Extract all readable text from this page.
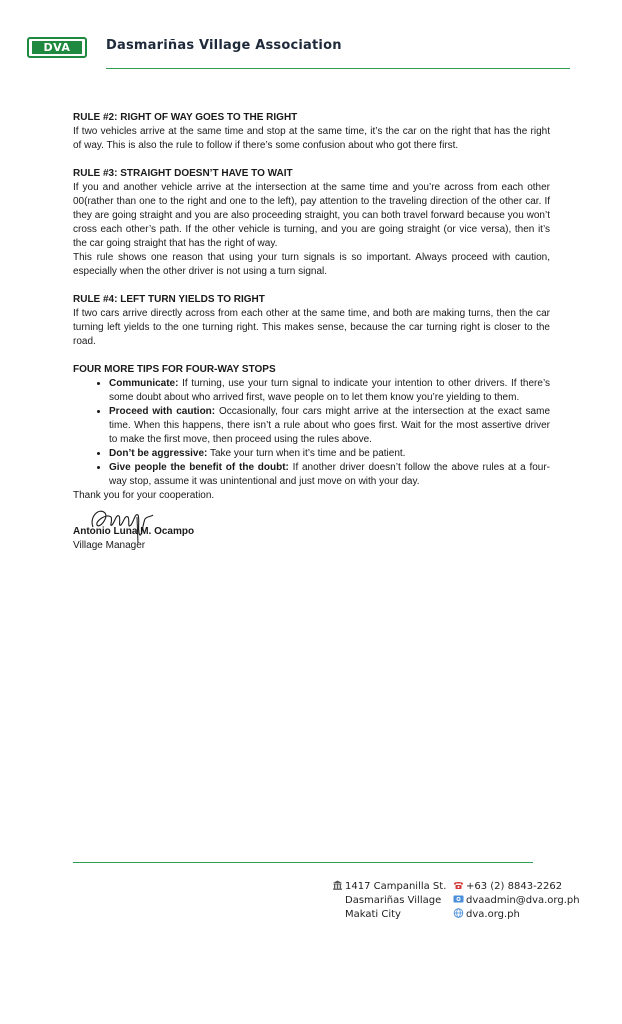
DVA	Dasmariñas Village Association

RULE #2: RIGHT OF WAY GOES TO THE RIGHT

If two vehicles arrive at the same time and stop at the same time, it’s the car on the right that has the right of way. This is also the rule to follow if there’s some confusion about who got there first.

RULE #3: STRAIGHT DOESN’T HAVE TO WAIT

If you and another vehicle arrive at the intersection at the same time and you’re across from each other 00(rather than one to the right and one to the left), pay attention to the traveling direction of the other car. If they are going straight and you are also proceeding straight, you can both travel forward because you won’t cross each other’s path. If the other vehicle is turning, and you are going straight (or vice versa), then it’s the car going straight that has the right of way.

This rule shows one reason that using your turn signals is so important. Always proceed with caution, especially when the other driver is not using a turn signal.

RULE #4: LEFT TURN YIELDS TO RIGHT

If two cars arrive directly across from each other at the same time, and both are making turns, then the car turning left yields to the one turning right. This makes sense, because the car turning right is closer to the road.

FOUR MORE TIPS FOR FOUR-WAY STOPS

• Communicate: If turning, use your turn signal to indicate your intention to other drivers. If there’s some doubt about who arrived first, wave people on to let them know you’re yielding to them.
• Proceed with caution: Occasionally, four cars might arrive at the intersection at the exact same time. When this happens, there isn’t a rule about who goes first. Wait for the most assertive driver to make the first move, then proceed using the rules above.
• Don’t be aggressive: Take your turn when it’s time and be patient.
• Give people the benefit of the doubt: If another driver doesn’t follow the above rules at a four-way stop, assume it was unintentional and just move on with your day.

Thank you for your cooperation.

Antonio Luna M. Ocampo

Village Manager

1417 Campanilla St.
Dasmariñas Village
Makati City
+63 (2) 8843-2262
dvaadmin@dva.org.ph
dva.org.ph
